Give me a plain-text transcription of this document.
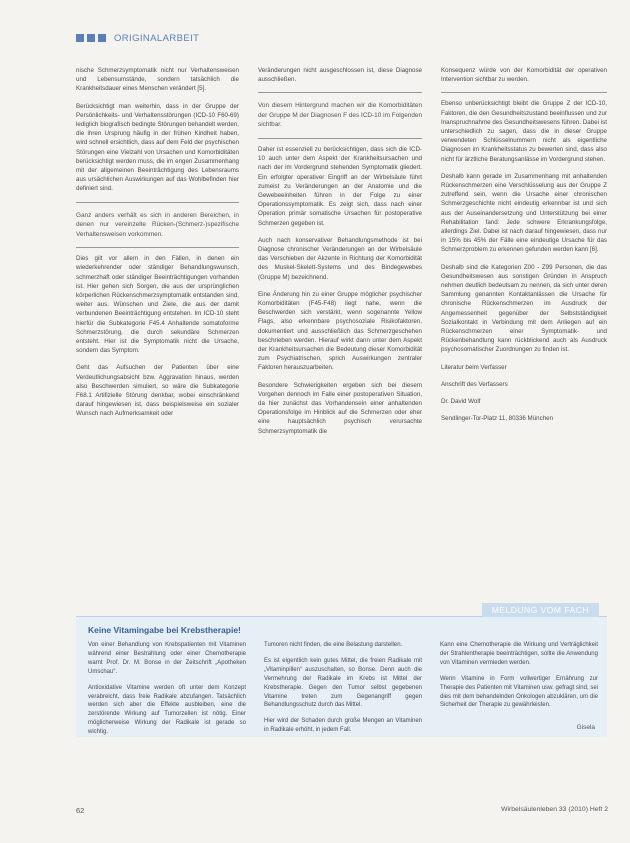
ORIGINALARBEIT

nische Schmerzsymptomatik nicht nur Verhaltensweisen und Lebensumstände, sondern tatsächlich die Krankheitsdauer eines Menschen verändert [5].

Berücksichtigt man weiterhin, dass in der Gruppe der Persönlichkeits- und Verhaltensstörungen (ICD-10 F60-69) lediglich biografisch bedingte Störungen behandelt werden, die ihren Ursprung häufig in der frühen Kindheit haben, wird schnell ersichtlich, dass auf dem Feld der psychischen Störungen eine Vielzahl von Ursachen und Komorbiditäten berücksichtigt werden muss, die im engen Zusammenhang mit der allgemeinen Beeinträchtigung des Lebensraums aus ursächlichen Auswirkungen auf das Wohlbefinden hier definiert sind.

Ganz anders verhält es sich in anderen Bereichen, in denen nur vereinzelte Rücken-(Schmerz-)spezifische Verhaltensweisen vorkommen.

Dies gilt vor allem in den Fällen, in denen ein wiederkehrender oder ständiger Behandlungswunsch, schmerzhaft oder ständiger Beeinträchtigungen vorhanden ist. Hier gehen sich Sorgen, die aus der ursprünglichen körperlichen Rückenschmerzsymptomatik entstanden sind, weiter aus. Wünschen und Ziele, die aus der damit verbundenen Beeinträchtigung entstehen. Im ICD-10 steht hierfür die Subkategorie F45.4 Anhaltende somatoforme Schmerzstörung, die durch sekundäre Schmerzen entsteht. Hier ist die Symptomatik nicht die Ursache, sondern das Symptom.

Geht das Aufsuchen der Patienten über eine Verdeutlichungsabsicht bzw. Aggravation hinaus, werden also Beschwerden simuliert, so wäre die Subkategorie F68.1 Artifizielle Störung denkbar, wobei einschränkend darauf hingewiesen ist, dass beispielsweise ein sozialer Wunsch nach Aufmerksamkeit oder

Veränderungen nicht ausgeschlossen ist, diese Diagnose ausschließen.

Von diesem Hintergrund machen wir die Komorbiditäten der Gruppe M der Diagnosen F des ICD-10 im Folgenden sichtbar.

Daher ist essenziell zu berücksichtigen, dass sich die ICD-10 auch unter dem Aspekt der Krankheitsursachen und nach der im Vordergrund stehenden Symptomatik gliedert. Ein erfolgter operativer Eingriff an der Wirbelsäule führt zumeist zu Veränderungen an der Anatomie und die Gewebeeinheiten führen in der Folge zu einer Operationssymptomatik. Es zeigt sich, dass nach einer Operation primär somatische Ursachen für postoperative Schmerzen gegeben ist.

Auch nach konservativer Behandlungsmethode ist bei Diagnose chronischer Veränderungen an der Wirbelsäule das Verschieben der Akzente in Richtung der Komorbidität des Muskel-Skelett-Systems und des Bindegewebes (Gruppe M) bezeichnend.

Eine Änderung hin zu einer Gruppe möglicher psychischer Komorbiditäten (F45-F48) liegt nahe, wenn die Beschwerden sich verstärkt, wenn sogenannte Yellow Flags, also erkennbare psychosoziale Risikofaktoren, dokumentiert und ausschließlich das Schmerzgeschehen beschrieben werden. Hierauf wirkt dann unter dem Aspekt der Krankheitsursachen die Bedeutung dieser Komorbidität zum Psychiatrischen, sprich Auswirkungen zentraler Faktoren herauszuarbeiten.

Besondere Schwierigkeiten ergeben sich bei diesem Vorgehen dennoch im Falle einer postoperativen Situation, da hier zunächst das Vorhandensein einer anhaltenden Operationsfolge im Hinblick auf die Schmerzen oder eher eine hauptsächlich psychisch verursachte Schmerzsymptomatik die

Konsequenz würde von der Komorbidität der operativen Intervention sichtbar zu werden.

Ebenso unberücksichtigt bleibt die Gruppe Z der ICD-10, Faktoren, die den Gesundheitszustand beeinflussen und zur Inanspruchnahme des Gesundheitswesens führen. Dabei ist unterschiedlich zu sagen, dass die in dieser Gruppe verwendeten Schlüsselnummern nicht als eigentliche Diagnosen im Krankheitsstatus zu bewerten sind, dass also nicht für ärztliche Beratungsanlässe im Vordergrund stehen.

Deshalb kann gerade im Zusammenhang mit anhaltenden Rückenschmerzen eine Verschlüsselung aus der Gruppe Z zutreffend sein, wenn die Ursache einer chronischen Schmerzgeschichte nicht eindeutig erkennbar ist und sich aus der Auseinandersetzung und Unterstützung bei einer Rehabilitation fand: Jede schwere Erkrankungsfolge, allerdings Ziel. Dabei ist nach darauf hingewiesen, dass nur in 15% bis 45% der Fälle eine eindeutige Ursache für das Schmerzproblem zu erkennen gefunden werden kann [6].

Deshalb sind die Kategorien Z00 - Z99 Personen, die das Gesundheitswesen aus sonstigen Gründen in Anspruch nehmen deutlich bedeutsam zu nennen, da sich unter deren Sammlung genannten Kontaktanlässen die Ursache für chronische Rückenschmerzen im Ausdruck der Angemessenheit gegenüber der Selbstständigkeit Sozialkontakt in Verbindung mit dem Anliegen auf ein Rückenschmerzen einer Symptomatik- und Rückenbehandlung kann rückblickend auch als Ausdruck psychosomatischer Zuordnungen zu finden ist.

Literatur beim Verfasser

Anschrift des Verfassers

Dr. David Wolf

Sendlinger-Tor-Platz 11, 80336 München

MELDUNG VOM FACH
Keine Vitamingabe bei Krebstherapie!

Von einer Behandlung von Krebspatienten mit Vitaminen während einer Bestrahlung oder einer Chemotherapie warnt Prof. Dr. M. Bonse in der Zeitschrift „Apotheken Umschau“.

Antioxidative Vitamine werden oft unter dem Konzept verabreicht, dass freie Radikale abzufangen. Tatsächlich werden sich aber die Effekte ausbleiben, eine die zerstörende Wirkung auf Tumorzellen ist nötig. Einer möglicherweise Wirkung der Radikale ist gerade so wichtig.

Tumoren nicht finden, die eine Belastung darstellen.

Es ist eigentlich kein gutes Mittel, die freien Radikale mit „Vitaminpillen“ auszuschalten, so Bonse. Denn auch die Vermehrung der Radikale im Krebs ist Mittel der Krebstherapie. Gegen den Tumor selbst gegebenen Vitamine treten zum Gegenangriff gegen Behandlungsschutz durch das Mittel.

Hier wird der Schaden durch große Mengen an Vitaminen in Radikale erhöht, in jedem Fall.

Kann eine Chemotherapie die Wirkung und Verträglichkeit der Strahlentherapie beeinträchtigen, sollte die Anwendung von Vitaminen vermieden werden.

Wenn Vitamine in Form vollwertiger Ernährung zur Therapie des Patienten mit Vitaminen usw. gefragt sind, sei dies mit dem behandelnden Onkologen abzuklären, um die Sicherheit der Therapie zu gewährleisten.

Gisela
62	Wirbelsäulenleben 33 (2010) Heft 2
